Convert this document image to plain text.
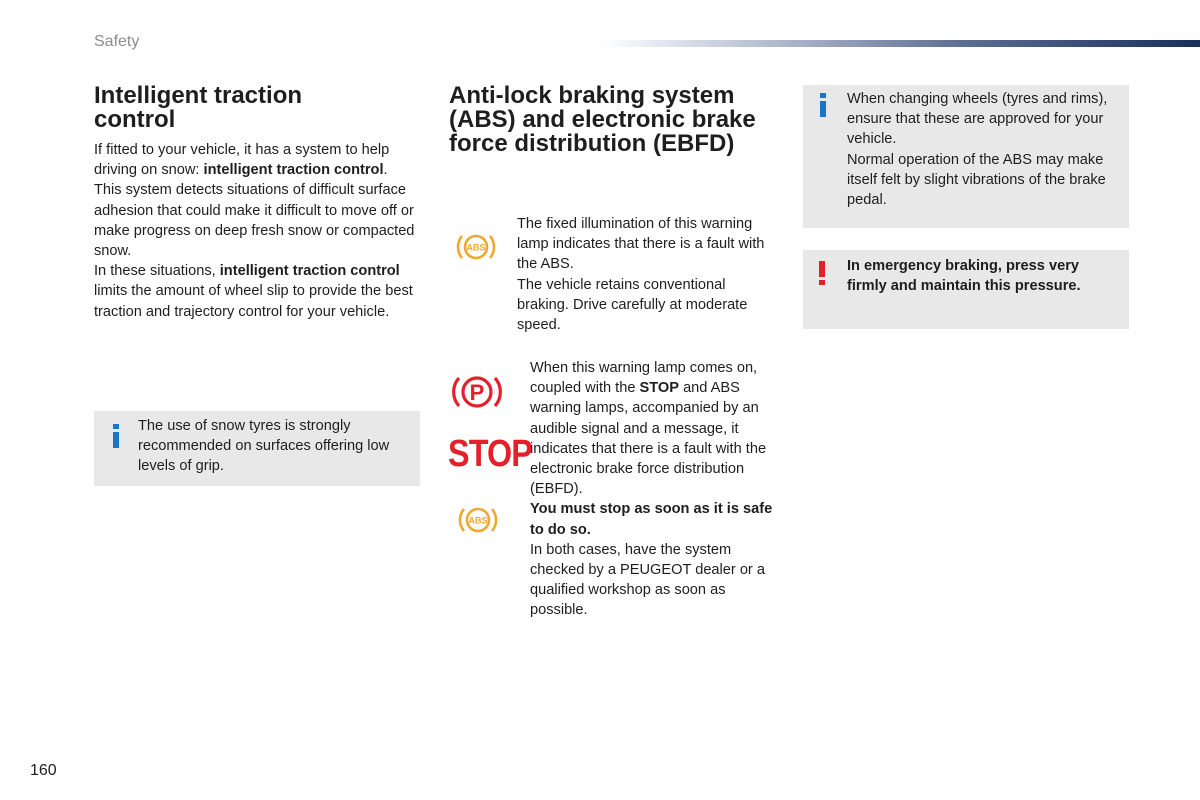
Safety
Intelligent traction
control
If fitted to your vehicle, it has a system to help driving on snow: intelligent traction control.
This system detects situations of difficult surface adhesion that could make it difficult to move off or make progress on deep fresh snow or compacted snow.
In these situations, intelligent traction control limits the amount of wheel slip to provide the best traction and trajectory control for your vehicle.
The use of snow tyres is strongly recommended on surfaces offering low levels of grip.
Anti-lock braking system
(ABS) and electronic brake
force distribution (EBFD)
ABS
The fixed illumination of this warning lamp indicates that there is a fault with the ABS.
The vehicle retains conventional braking. Drive carefully at moderate speed.
P
STOP
ABS
When this warning lamp comes on, coupled with the STOP and ABS warning lamps, accompanied by an audible signal and a message, it indicates that there is a fault with the electronic brake force distribution (EBFD).
You must stop as soon as it is safe to do so.
In both cases, have the system checked by a PEUGEOT dealer or a qualified workshop as soon as possible.
When changing wheels (tyres and rims), ensure that these are approved for your vehicle.
Normal operation of the ABS may make itself felt by slight vibrations of the brake pedal.
In emergency braking, press very firmly and maintain this pressure.
160
